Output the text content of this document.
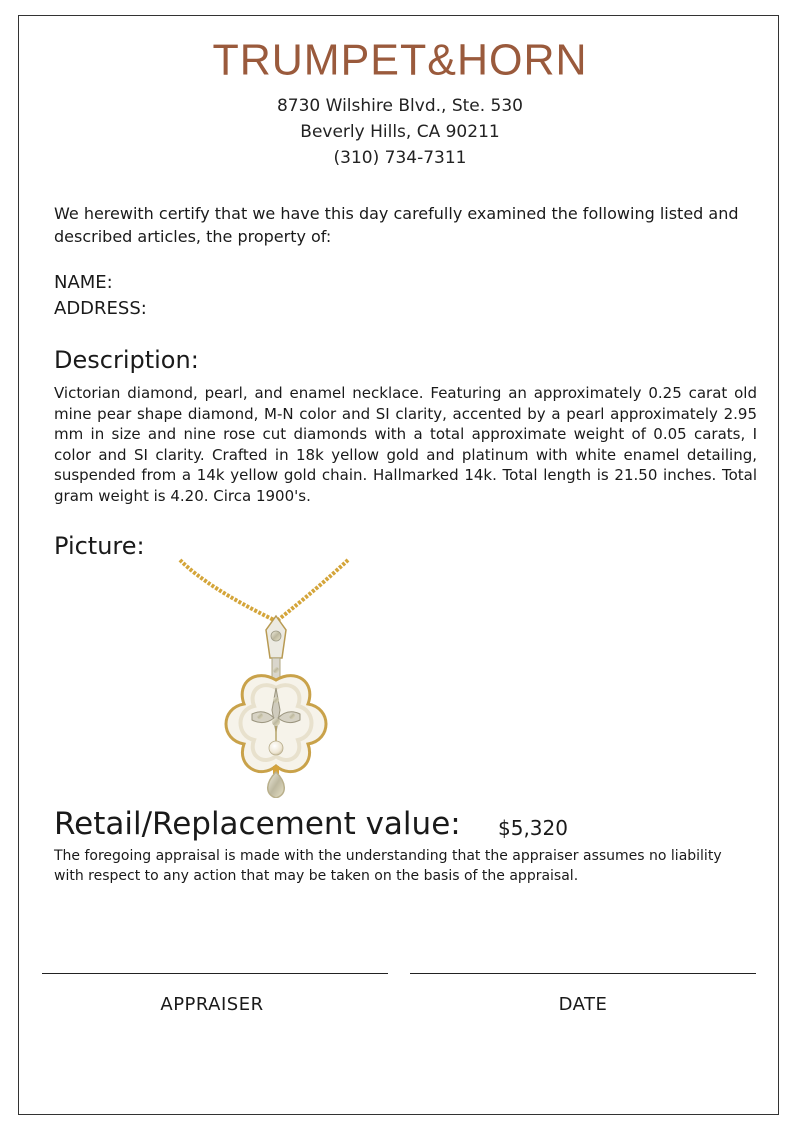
TRUMPET&HORN
8730 Wilshire Blvd., Ste. 530
Beverly Hills, CA 90211
(310) 734-7311
We herewith certify that we have this day carefully examined the following listed and described articles, the property of:
NAME:
ADDRESS:
Description:
Victorian diamond, pearl, and enamel necklace. Featuring an approximately 0.25 carat old mine pear shape diamond, M-N color and SI clarity, accented by a pearl approximately 2.95 mm in size and nine rose cut diamonds with a total approximate weight of 0.05 carats, I color and SI clarity. Crafted in 18k yellow gold and platinum with white enamel detailing, suspended from a 14k yellow gold chain. Hallmarked 14k. Total length is 21.50 inches. Total gram weight is 4.20. Circa 1900's.
Picture:
Retail/Replacement value: $5,320
The foregoing appraisal is made with the understanding that the appraiser assumes no liability with respect to any action that may be taken on the basis of the appraisal.
APPRAISER	DATE
